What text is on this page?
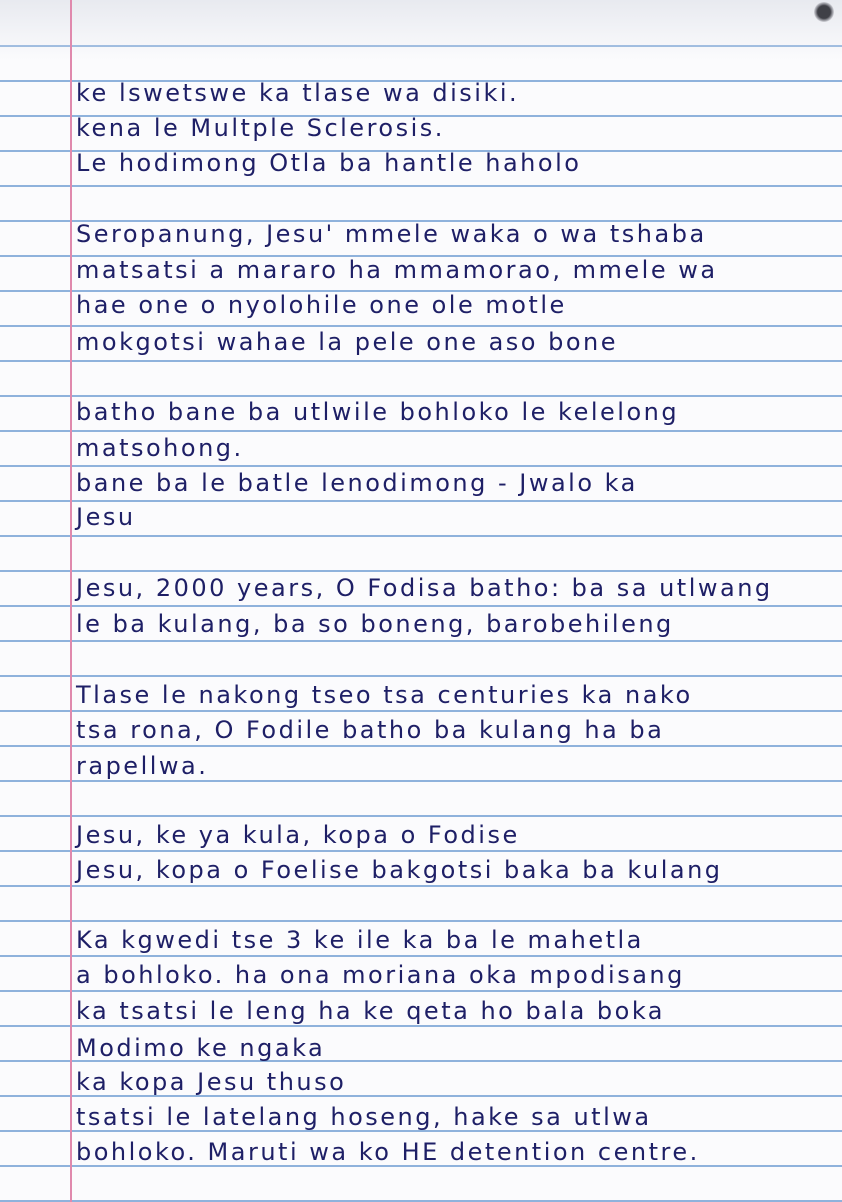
ke lswetswe ka tlase wa disiki.
kena le Multple Sclerosis.
Le hodimong Otla ba hantle haholo
Seropanung, Jesu' mmele waka o wa tshaba
matsatsi a mararo ha mmamorao, mmele wa
hae one o nyolohile one ole motle
mokgotsi wahae la pele one aso bone
batho bane ba utlwile bohloko le kelelong
matsohong.
bane ba le batle lenodimong - Jwalo ka
Jesu
Jesu, 2000 years, O Fodisa batho: ba sa utlwang
le ba kulang, ba so boneng, barobehileng
Tlase le nakong tseo tsa centuries ka nako
tsa rona, O Fodile batho ba kulang ha ba
rapellwa.
Jesu, ke ya kula, kopa o Fodise
Jesu, kopa o Foelise bakgotsi baka ba kulang
Ka kgwedi tse 3 ke ile ka ba le mahetla
a bohloko. ha ona moriana oka mpodisang
ka tsatsi le leng ha ke qeta ho bala boka
Modimo ke ngaka
ka kopa Jesu thuso
tsatsi le latelang hoseng, hake sa utlwa
bohloko. Maruti wa ko HE detention centre.
